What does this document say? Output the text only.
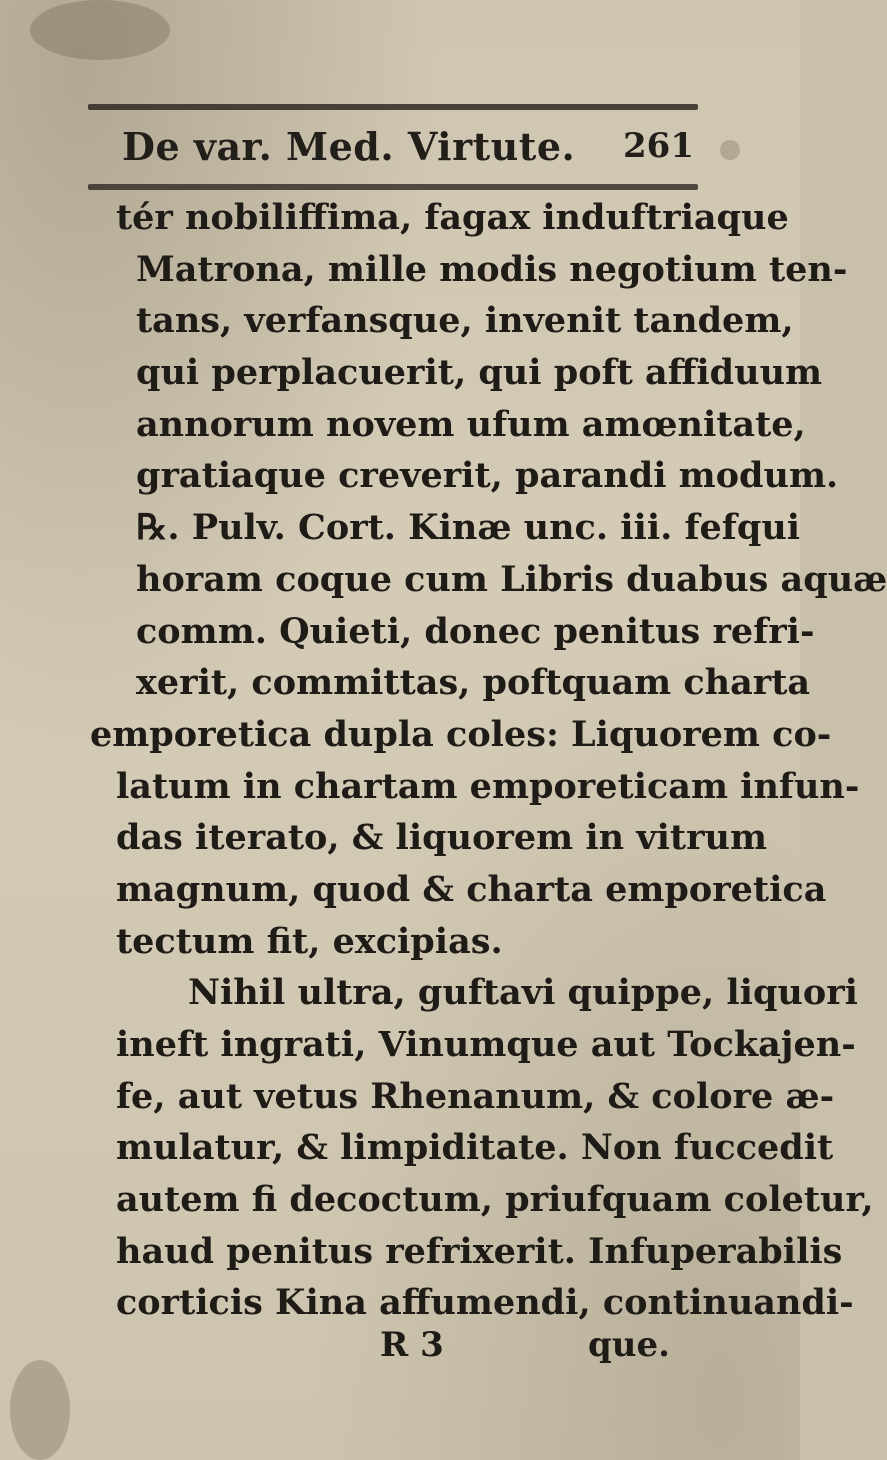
De var. Med. Virtute. 261
tér nobiliffima, fagax induftriaque
Matrona, mille modis negotium ten-
tans, verfansque, invenit tandem,
qui perplacuerit, qui poft affiduum
annorum novem ufum amœnitate,
gratiaque creverit, parandi modum.
℞. Pulv. Cort. Kinæ unc. iii. fefqui
horam coque cum Libris duabus aquæ
comm. Quieti, donec penitus refri-
xerit, committas, poftquam charta
emporetica dupla coles: Liquorem co-
latum in chartam emporeticam infun-
das iterato, & liquorem in vitrum
magnum, quod & charta emporetica
tectum fit, excipias.
Nihil ultra, guftavi quippe, liquori
ineft ingrati, Vinumque aut Tockajen-
fe, aut vetus Rhenanum, & colore æ-
mulatur, & limpiditate. Non fuccedit
autem fi decoctum, priufquam coletur,
haud penitus refrixerit. Infuperabilis
corticis Kina affumendi, continuandi-
R 3	que.
